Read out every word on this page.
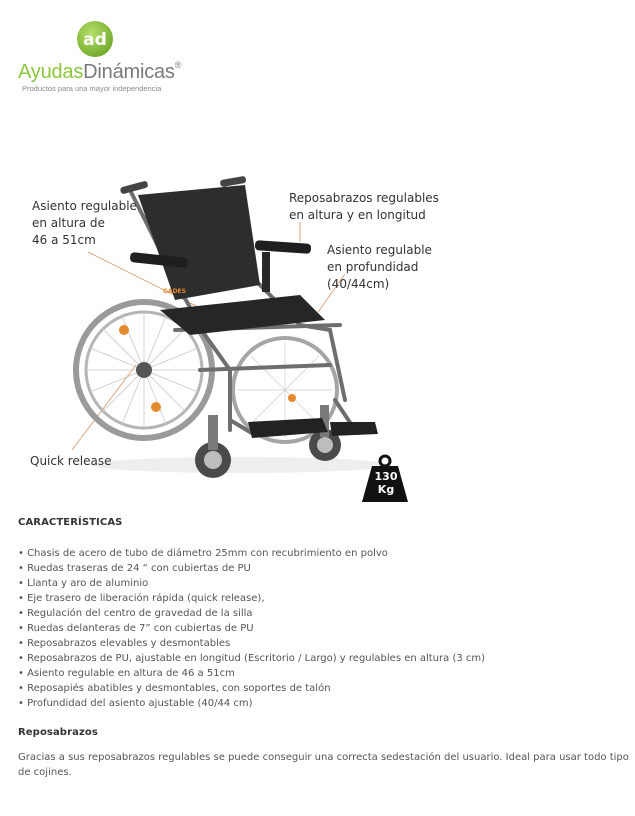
ad
AyudasDinámicas®
Productos para una mayor independencia
GADES
Asiento regulable
en altura de
46 a 51cm
Reposabrazos regulables
en altura y en longitud
Asiento regulable
en profundidad
(40/44cm)
Quick release
130
Kg
CARACTERÍSTICAS
• Chasis de acero de tubo de diámetro 25mm con recubrimiento en polvo
• Ruedas traseras de 24 “ con cubiertas de PU
• Llanta y aro de aluminio
• Eje trasero de liberación rápida (quick release),
• Regulación del centro de gravedad de la silla
• Ruedas delanteras de 7” con cubiertas de PU
• Reposabrazos elevables y desmontables
• Reposabrazos de PU, ajustable en longitud (Escritorio / Largo) y regulables en altura (3 cm)
• Asiento regulable en altura de 46 a 51cm
• Reposapiés abatibles y desmontables, con soportes de talón
• Profundidad del asiento ajustable (40/44 cm)
Reposabrazos
Gracias a sus reposabrazos regulables se puede conseguir una correcta sedestación del usuario. Ideal para usar todo tipo de cojines.
